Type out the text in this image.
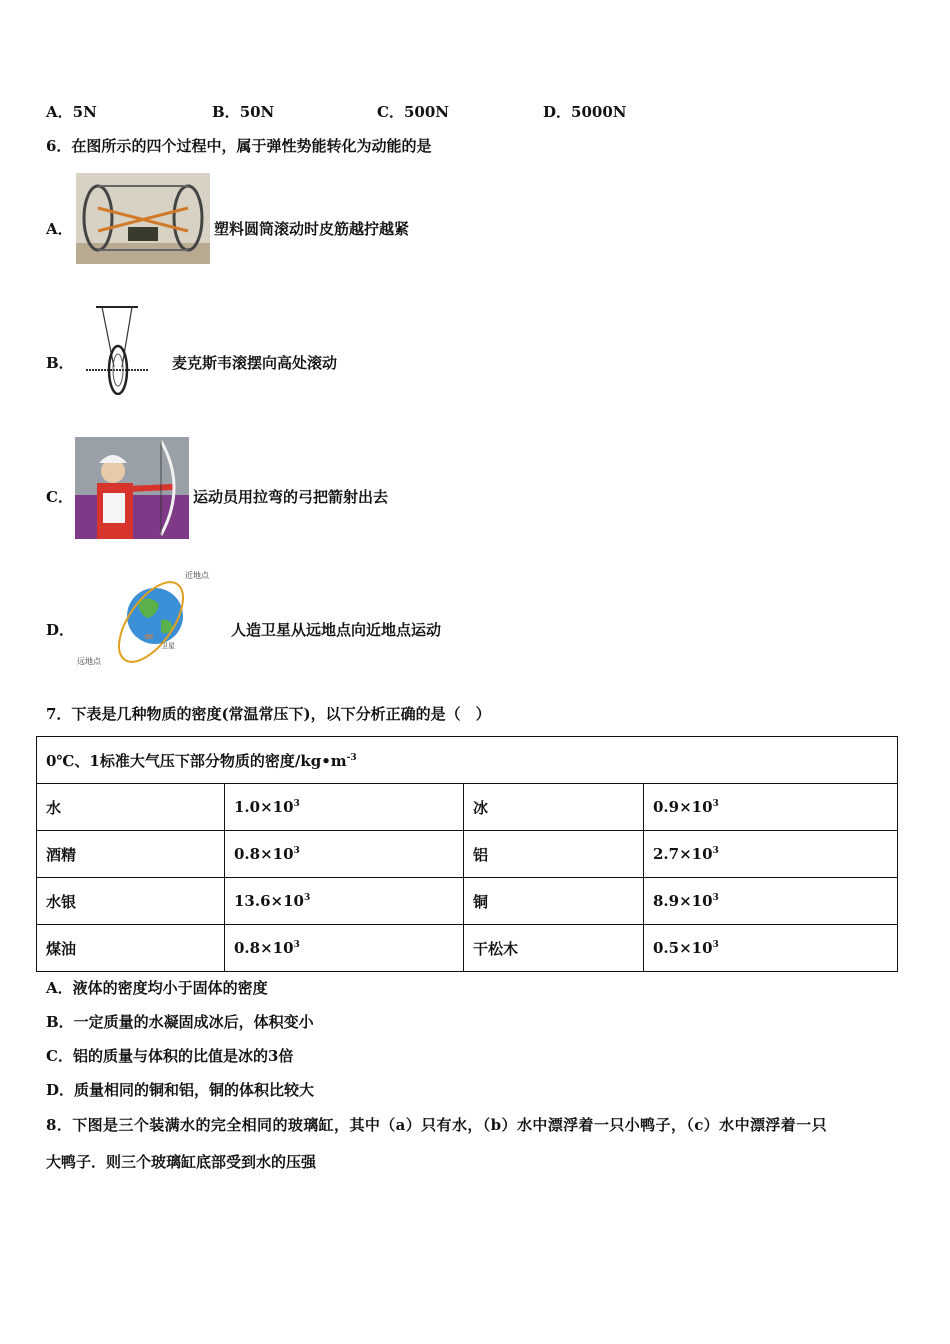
A．5N	B．50N	C．500N	D．5000N
6．在图所示的四个过程中，属于弹性势能转化为动能的是
A．	塑料圆筒滚动时皮筋越拧越紧
B．	麦克斯韦滚摆向高处滚动
C．	运动员用拉弯的弓把箭射出去
D．
近地点
远地点
卫星
人造卫星从远地点向近地点运动
7．下表是几种物质的密度(常温常压下)，以下分析正确的是（　）
0℃、1标准大气压下部分物质的密度$/kg•m^{-3}$
水	$1.0\times 10^3$	冰	$0.9\times 10^3$
酒精	$0.8\times 10^3$	铝	$2.7\times 10^3$
水银	$13.6\times 10^3$	铜	$8.9\times 10^3$
煤油	$0.8\times 10^3$	干松木	$0.5\times 10^3$
A．液体的密度均小于固体的密度
B．一定质量的水凝固成冰后，体积变小
C．铝的质量与体积的比值是冰的3倍
D．质量相同的铜和铝，铜的体积比较大
8．下图是三个装满水的完全相同的玻璃缸，其中（a）只有水，（b）水中漂浮着一只小鸭子，（c）水中漂浮着一只
大鸭子．则三个玻璃缸底部受到水的压强
